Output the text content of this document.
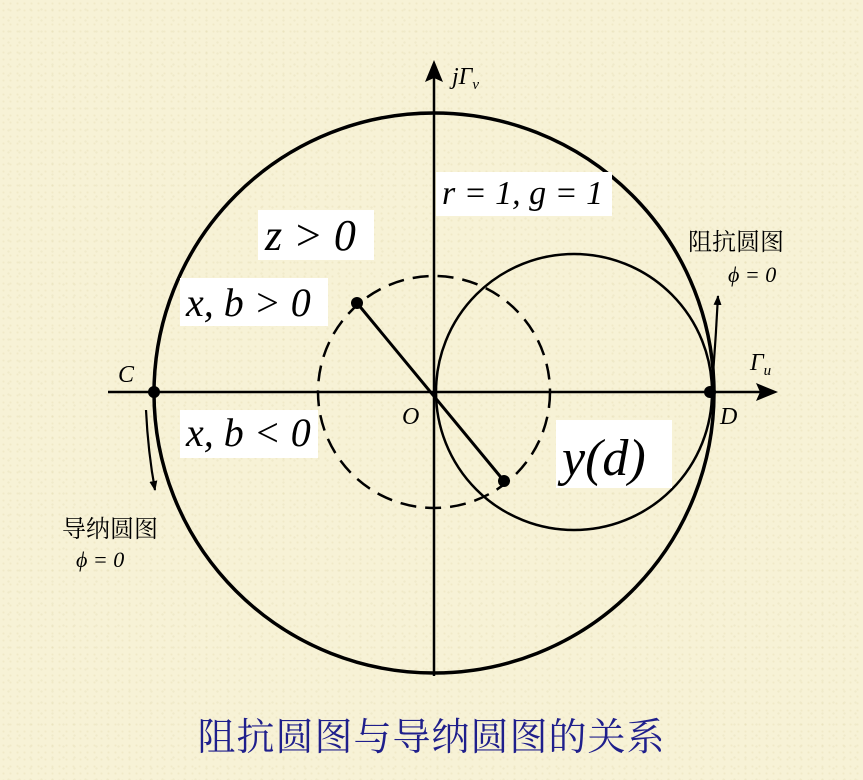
$j\Gamma_v$
$\Gamma_u$
r = 1, g = 1
z > 0
x, b > 0
x, b < 0	y(d)
O
C
D
阻抗圆图
ϕ = 0
导纳圆图
ϕ = 0
阻抗圆图与导纳圆图的关系
